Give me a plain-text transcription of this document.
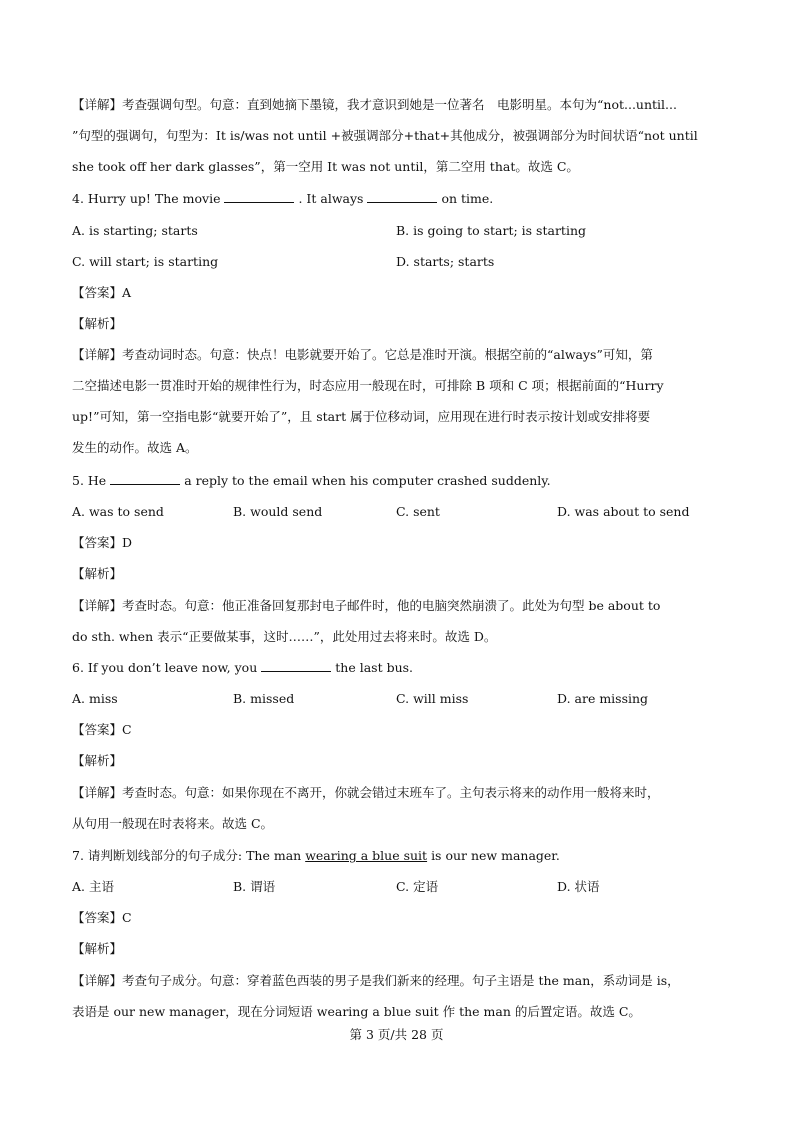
【详解】考查强调句型。句意：直到她摘下墨镜，我才意识到她是一位著名　电影明星。本句为“not...until...
”句型的强调句，句型为：It is/was not until +被强调部分+that+其他成分，被强调部分为时间状语“not until
she took off her dark glasses”，第一空用 It was not until，第二空用 that。故选 C。
4. Hurry up! The movie	. It always	on time.
A. is starting; starts	B. is going to start; is starting
C. will start; is starting	D. starts; starts
【答案】A
【解析】
【详解】考查动词时态。句意：快点！电影就要开始了。它总是准时开演。根据空前的“always”可知，第
二空描述电影一贯准时开始的规律性行为，时态应用一般现在时，可排除 B 项和 C 项；根据前面的“Hurry
up!”可知，第一空指电影“就要开始了”，且 start 属于位移动词，应用现在进行时表示按计划或安排将要
发生的动作。故选 A。
5. He	a reply to the email when his computer crashed suddenly.
A. was to send	B. would send	C. sent	D. was about to send
【答案】D
【解析】
【详解】考查时态。句意：他正准备回复那封电子邮件时，他的电脑突然崩溃了。此处为句型 be about to
do sth. when 表示“正要做某事，这时……”，此处用过去将来时。故选 D。
6. If you don’t leave now, you	the last bus.
A. miss	B. missed	C. will miss	D. are missing
【答案】C
【解析】
【详解】考查时态。句意：如果你现在不离开，你就会错过末班车了。主句表示将来的动作用一般将来时，
从句用一般现在时表将来。故选 C。
7. 请判断划线部分的句子成分: The man wearing a blue suit is our new manager.
A. 主语	B. 谓语	C. 定语	D. 状语
【答案】C
【解析】
【详解】考查句子成分。句意：穿着蓝色西装的男子是我们新来的经理。句子主语是 the man，系动词是 is，
表语是 our new manager，现在分词短语 wearing a blue suit 作 the man 的后置定语。故选 C。
第 3 页/共 28 页
